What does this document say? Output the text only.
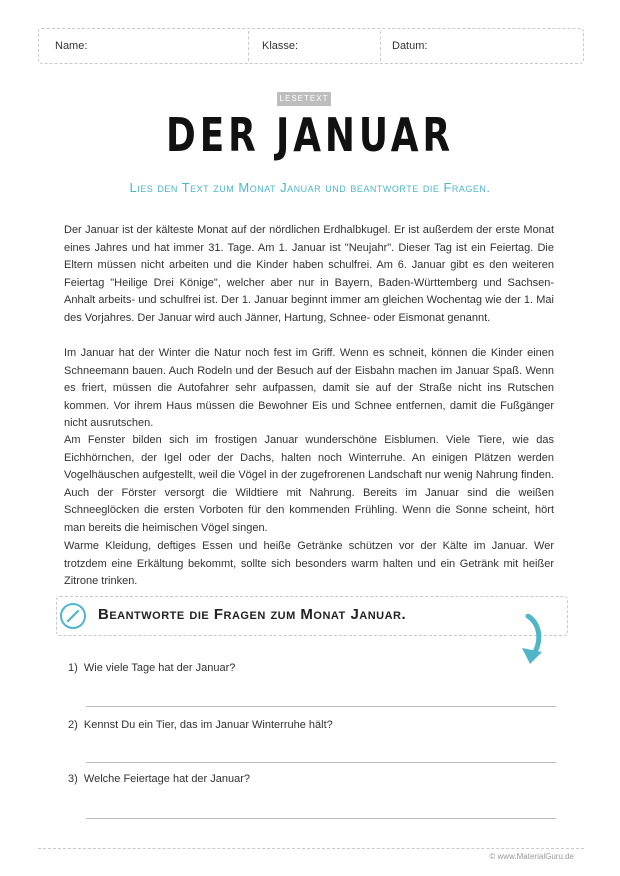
Name:	Klasse:	Datum:
LESETEXT
DER JANUAR
Lies den Text zum Monat Januar und beantworte die Fragen.

Der Januar ist der kälteste Monat auf der nördlichen Erdhalbkugel. Er ist außerdem der erste Monat eines Jahres und hat immer 31. Tage. Am 1. Januar ist "Neujahr". Dieser Tag ist ein Feiertag. Die Eltern müssen nicht arbeiten und die Kinder haben schulfrei. Am 6. Januar gibt es den weiteren Feiertag "Heilige Drei Könige", welcher aber nur in Bayern, Baden-Württemberg und Sachsen-Anhalt arbeits- und schulfrei ist. Der 1. Januar beginnt immer am gleichen Wochentag wie der 1. Mai des Vorjahres. Der Januar wird auch Jänner, Hartung, Schnee- oder Eismonat genannt.

Im Januar hat der Winter die Natur noch fest im Griff. Wenn es schneit, können die Kinder einen Schneemann bauen. Auch Rodeln und der Besuch auf der Eisbahn machen im Januar Spaß. Wenn es friert, müssen die Autofahrer sehr aufpassen, damit sie auf der Straße nicht ins Rutschen kommen. Vor ihrem Haus müssen die Bewohner Eis und Schnee entfernen, damit die Fußgänger nicht ausrutschen.

Am Fenster bilden sich im frostigen Januar wunderschöne Eisblumen. Viele Tiere, wie das Eichhörnchen, der Igel oder der Dachs, halten noch Winterruhe. An einigen Plätzen werden Vogelhäuschen aufgestellt, weil die Vögel in der zugefrorenen Landschaft nur wenig Nahrung finden. Auch der Förster versorgt die Wildtiere mit Nahrung. Bereits im Januar sind die weißen Schneeglöcken die ersten Vorboten für den kommenden Frühling. Wenn die Sonne scheint, hört man bereits die heimischen Vögel singen.

Warme Kleidung, deftiges Essen und heiße Getränke schützen vor der Kälte im Januar. Wer trotzdem eine Erkältung bekommt, sollte sich besonders warm halten und ein Getränk mit heißer Zitrone trinken.

Beantworte die Fragen zum Monat Januar.
1) Wie viele Tage hat der Januar?
2) Kennst Du ein Tier, das im Januar Winterruhe hält?
3) Welche Feiertage hat der Januar?
© www.MaterialGuru.de
